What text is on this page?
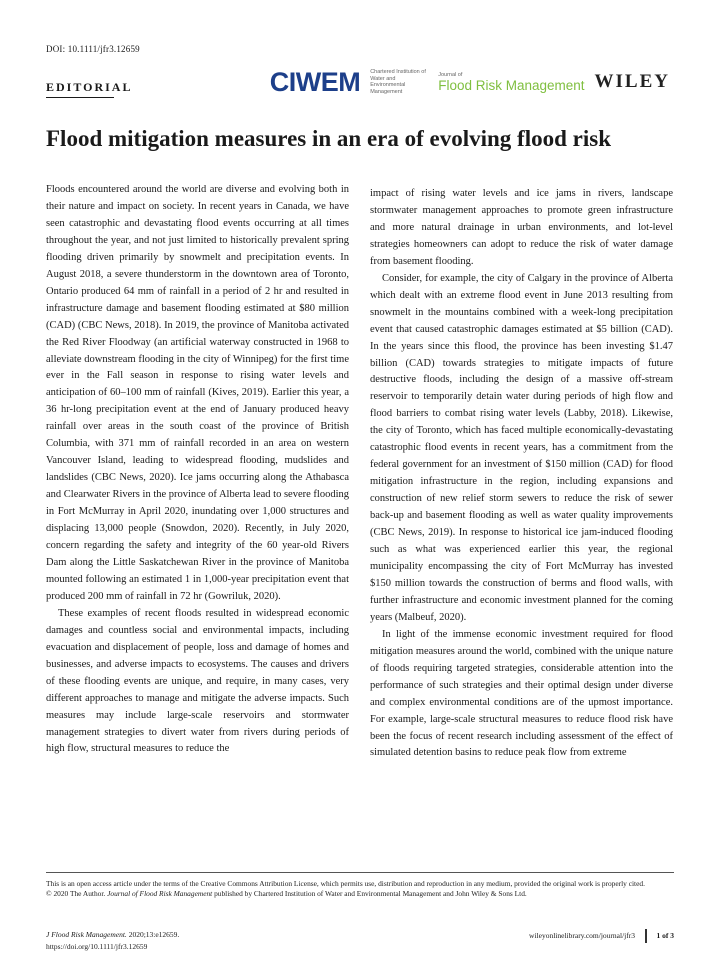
DOI: 10.1111/jfr3.12659
EDITORIAL	CIWEM Chartered Institution of Water and Environmental Management
Journal of
Flood Risk Management WILEY
Flood mitigation measures in an era of evolving flood risk

Floods encountered around the world are diverse and evolving both in their nature and impact on society. In recent years in Canada, we have seen catastrophic and devastating flood events occurring at all times throughout the year, and not just limited to historically prevalent spring flooding driven primarily by snowmelt and precipitation events. In August 2018, a severe thunderstorm in the downtown area of Toronto, Ontario produced 64 mm of rainfall in a period of 2 hr and resulted in infrastructure damage and basement flooding estimated at $80 million (CAD) (CBC News, 2018). In 2019, the province of Manitoba activated the Red River Floodway (an artificial waterway constructed in 1968 to alleviate downstream flooding in the city of Winnipeg) for the first time ever in the Fall season in response to rising water levels and anticipation of 60–100 mm of rainfall (Kives, 2019). Earlier this year, a 36 hr-long precipitation event at the end of January produced heavy rainfall over areas in the south coast of the province of British Columbia, with 371 mm of rainfall recorded in an area on western Vancouver Island, leading to widespread flooding, mudslides and landslides (CBC News, 2020). Ice jams occurring along the Athabasca and Clearwater Rivers in the province of Alberta lead to severe flooding in Fort McMurray in April 2020, inundating over 1,000 structures and displacing 13,000 people (Snowdon, 2020). Recently, in July 2020, concern regarding the safety and integrity of the 60 year-old Rivers Dam along the Little Saskatchewan River in the province of Manitoba mounted following an estimated 1 in 1,000-year precipitation event that produced 200 mm of rainfall in 72 hr (Gowriluk, 2020).

These examples of recent floods resulted in widespread economic damages and countless social and environmental impacts, including evacuation and displacement of people, loss and damage of homes and businesses, and adverse impacts to ecosystems. The causes and drivers of these flooding events are unique, and require, in many cases, very different approaches to manage and mitigate the adverse impacts. Such measures may include large-scale reservoirs and stormwater management strategies to divert water from rivers during periods of high flow, structural measures to reduce the

impact of rising water levels and ice jams in rivers, landscape stormwater management approaches to promote green infrastructure and more natural drainage in urban environments, and lot-level strategies homeowners can adopt to reduce the risk of water damage from basement flooding.

Consider, for example, the city of Calgary in the province of Alberta which dealt with an extreme flood event in June 2013 resulting from snowmelt in the mountains combined with a week-long precipitation event that caused catastrophic damages estimated at $5 billion (CAD). In the years since this flood, the province has been investing $1.47 billion (CAD) towards strategies to mitigate impacts of future destructive floods, including the design of a massive off-stream reservoir to temporarily detain water during periods of high flow and flood barriers to combat rising water levels (Labby, 2018). Likewise, the city of Toronto, which has faced multiple economically-devastating catastrophic flood events in recent years, has a commitment from the federal government for an investment of $150 million (CAD) for flood mitigation infrastructure in the region, including expansions and construction of new relief storm sewers to reduce the risk of sewer back-up and basement flooding as well as water quality improvements (CBC News, 2019). In response to historical ice jam-induced flooding such as what was experienced earlier this year, the regional municipality encompassing the city of Fort McMurray has invested $150 million towards the construction of berms and flood walls, with further infrastructure and economic investment planned for the coming years (Malbeuf, 2020).

In light of the immense economic investment required for flood mitigation measures around the world, combined with the unique nature of floods requiring targeted strategies, considerable attention into the performance of such strategies and their optimal design under diverse and complex environmental conditions are of the upmost importance. For example, large-scale structural measures to reduce flood risk have been the focus of recent research including assessment of the effect of simulated detention basins to reduce peak flow from extreme

This is an open access article under the terms of the Creative Commons Attribution License, which permits use, distribution and reproduction in any medium, provided the original work is properly cited.

© 2020 The Author. Journal of Flood Risk Management published by Chartered Institution of Water and Environmental Management and John Wiley & Sons Ltd.

J Flood Risk Management. 2020;13:e12659.
https://doi.org/10.1111/jfr3.12659
wileyonlinelibrary.com/journal/jfr3	1 of 3
